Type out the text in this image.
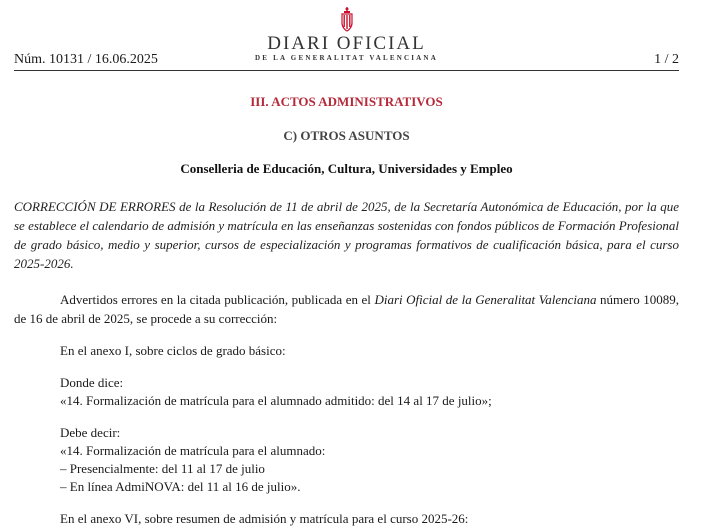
Núm. 10131 / 16.06.2025
DIARI OFICIAL
DE LA GENERALITAT VALENCIANA	1 / 2
III. ACTOS ADMINISTRATIVOS
C) OTROS ASUNTOS
Conselleria de Educación, Cultura, Universidades y Empleo
CORRECCIÓN DE ERRORES de la Resolución de 11 de abril de 2025, de la Secretaría Autonómica de Educación, por la que se establece el calendario de admisión y matrícula en las enseñanzas sostenidas con fondos públicos de Formación Profesional de grado básico, medio y superior, cursos de especialización y programas formativos de cualificación básica, para el curso 2025-2026.
Advertidos errores en la citada publicación, publicada en el Diari Oficial de la Generalitat Valenciana número 10089, de 16 de abril de 2025, se procede a su corrección:
En el anexo I, sobre ciclos de grado básico:
Donde dice:
«14. Formalización de matrícula para el alumnado admitido: del 14 al 17 de julio»;
Debe decir:
«14. Formalización de matrícula para el alumnado:
– Presencialmente: del 11 al 17 de julio
– En línea AdmiNOVA: del 11 al 16 de julio».
En el anexo VI, sobre resumen de admisión y matrícula para el curso 2025-26:
